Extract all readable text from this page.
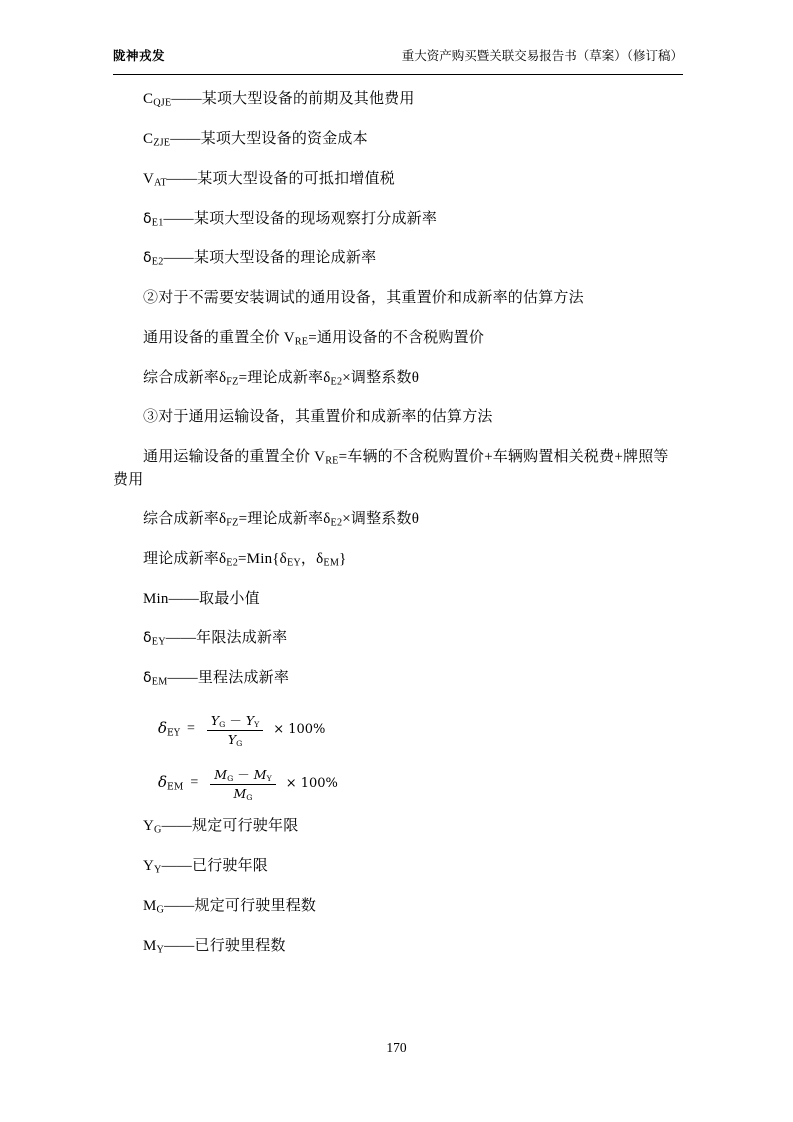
陇神戎发	重大资产购买暨关联交易报告书（草案）（修订稿）

$C_{QJE}——$某项大型设备的前期及其他费用

$C_{ZJE}——$某项大型设备的资金成本

$V_{AT}——$某项大型设备的可抵扣增值税

$\delta_{E1}——$某项大型设备的现场观察打分成新率

$\delta_{E2}——$某项大型设备的理论成新率

②对于不需要安装调试的通用设备，其重置价和成新率的估算方法

通用设备的重置全价 $V_{RE}=$通用设备的不含税购置价

综合成新率$\delta_{FZ}=$理论成新率$\delta_{E2}\times$调整系数θ

③对于通用运输设备，其重置价和成新率的估算方法

通用运输设备的重置全价 $V_{RE}=$车辆的不含税购置价+车辆购置相关税费+牌照等费用

综合成新率$\delta_{FZ}=$理论成新率$\delta_{E2}\times$调整系数θ

理论成新率$\delta_{E2}=Min\{\delta_{EY}$，$\delta_{EM}$}

Min——取最小值

$\delta_{EY}——$年限法成新率

$\delta_{EM}——$里程法成新率

$\delta_{EY} = \frac{Y_G - Y_Y}{Y_G} \times 100\%$
$\delta_{EM} = \frac{M_G - M_Y}{M_G} \times 100\%$

$Y_G——$规定可行驶年限

$Y_Y——$已行驶年限

$M_G——$规定可行驶里程数

$M_Y——$已行驶里程数

170
